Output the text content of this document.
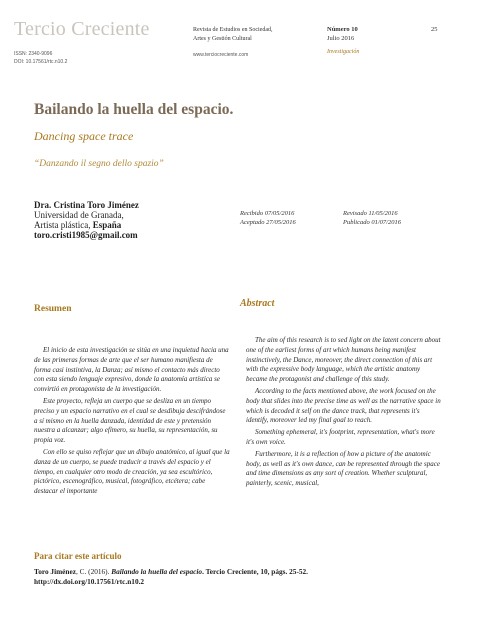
Tercio Creciente
ISSN: 2340-9096
DOI: 10.17561/rtc.n10.2
Revista de Estudios en Sociedad,
Artes y Gestión Cultural
www.terciocreciente.com
Número 10
Julio 2016
Investigación
25
Bailando la huella del espacio.
Dancing space trace
“Danzando il segno dello spazio”
Dra. Cristina Toro Jiménez
Universidad de Granada,
Artista plástica, España
toro.cristi1985@gmail.com
Recibido 07/05/2016
Aceptado 27/05/2016
Revisado 11/05/2016
Publicado 01/07/2016
Resumen	Abstract

El inicio de esta investigación se sitúa en una inquietud hacia una de las primeras formas de arte que el ser humano manifiesta de forma casi instintiva, la Danza; así mismo el contacto más directo con esta siendo lenguaje expresivo, donde la anatomía artística se convirtió en protagonista de la investigación.

Este proyecto, refleja un cuerpo que se desliza en un tiempo preciso y un espacio narrativo en el cual se desdibuja descifrándose a sí mismo en la huella danzada, identidad de este y pretensión nuestra a alcanzar; algo efímero, su huella, su representación, su propia voz.

Con ello se quiso reflejar que un dibujo anatómico, al igual que la danza de un cuerpo, se puede traducir a través del espacio y el tiempo, en cualquier otro modo de creación, ya sea escultórico, pictórico, escenográfico, musical, fotográfico, etcétera; cabe destacar el importante

The aim of this research is to sed light on the latent concern about one of the earliest forms of art which humans being manifest instinctively, the Dance, moreover, the direct connection of this art with the expressive body language, which the artistic anatomy became the protagonist and challenge of this study.

According to the facts mentioned above, the work focused on the body that slides into the precise time as well as the narrative space in which is decoded it self on the dance track, that represents it's identify, moreover led my final goal to reach.

Something ephemeral, it's footprint, representation, what's more it's own voice.

Furthermore, it is a reflection of how a picture of the anatomic body, as well as it's own dance, can be represented through the space and time dimensions as any sort of creation. Whether sculptural, painterly, scenic, musical,

Para citar este artículo
Toro Jiménez, C. (2016). Bailando la huella del espacio. Tercio Creciente, 10, págs. 25-52.
http://dx.doi.org/10.17561/rtc.n10.2
